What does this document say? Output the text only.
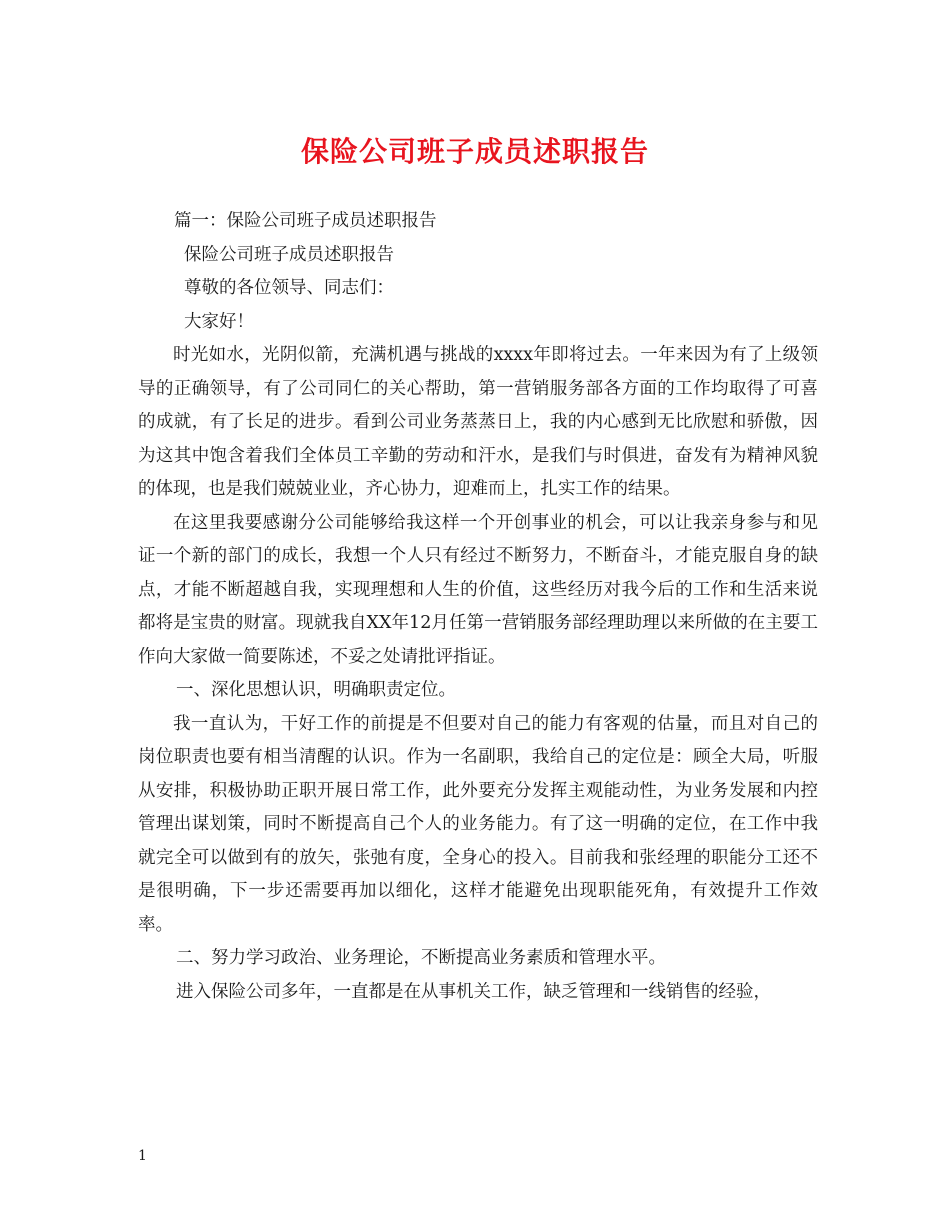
保险公司班子成员述职报告

篇一：保险公司班子成员述职报告

保险公司班子成员述职报告

尊敬的各位领导、同志们：

大家好！

时光如水，光阴似箭，充满机遇与挑战的xxxx年即将过去。一年来因为有了上级领导的正确领导，有了公司同仁的关心帮助，第一营销服务部各方面的工作均取得了可喜的成就，有了长足的进步。看到公司业务蒸蒸日上，我的内心感到无比欣慰和骄傲，因为这其中饱含着我们全体员工辛勤的劳动和汗水，是我们与时俱进，奋发有为精神风貌的体现，也是我们兢兢业业，齐心协力，迎难而上，扎实工作的结果。

在这里我要感谢分公司能够给我这样一个开创事业的机会，可以让我亲身参与和见证一个新的部门的成长，我想一个人只有经过不断努力，不断奋斗，才能克服自身的缺点，才能不断超越自我，实现理想和人生的价值，这些经历对我今后的工作和生活来说都将是宝贵的财富。现就我自XX年12月任第一营销服务部经理助理以来所做的在主要工作向大家做一简要陈述，不妥之处请批评指证。

一、深化思想认识，明确职责定位。

我一直认为，干好工作的前提是不但要对自己的能力有客观的估量，而且对自己的岗位职责也要有相当清醒的认识。作为一名副职，我给自己的定位是：顾全大局，听服从安排，积极协助正职开展日常工作，此外要充分发挥主观能动性，为业务发展和内控管理出谋划策，同时不断提高自己个人的业务能力。有了这一明确的定位，在工作中我就完全可以做到有的放矢，张弛有度，全身心的投入。目前我和张经理的职能分工还不是很明确，下一步还需要再加以细化，这样才能避免出现职能死角，有效提升工作效率。

二、努力学习政治、业务理论，不断提高业务素质和管理水平。

进入保险公司多年，一直都是在从事机关工作，缺乏管理和一线销售的经验，

1
